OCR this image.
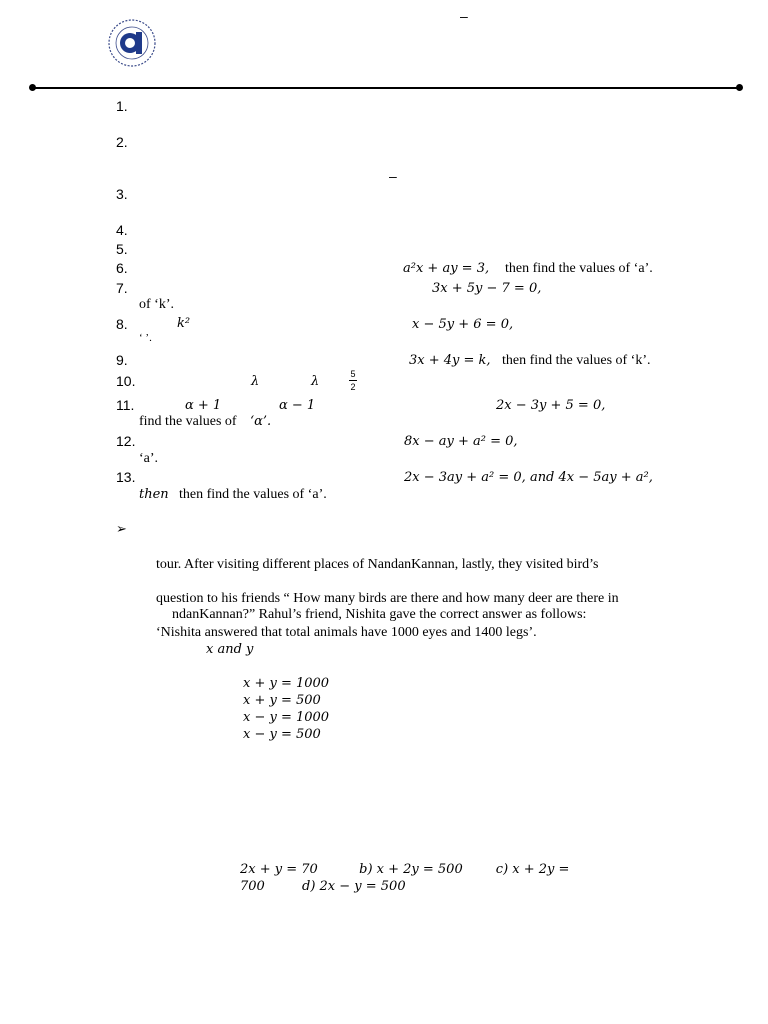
–
1.
2.
–
3.
4.
5.
6.	a²x + ay = 3, then find the values of ‘a’.
7.	3x + 5y − 7 = 0,
of ‘k’.
8.	k²	x − 5y + 6 = 0,
‘ ’.
9.	3x + 4y = k, then find the values of ‘k’.
10.	λ	λ	5
2
11.	α + 1	α − 1	2x − 3y + 5 = 0,
find the values of ‘α’.
12.	8x − ay + a² = 0,
‘a’.
13.	2x − 3ay + a² = 0, and 4x − 5ay + a²,
then then find the values of ‘a’.
➢
tour. After visiting different places of NandanKannan, lastly, they visited bird’s
question to his friends “ How many birds are there and how many deer are there in
ndanKannan?” Rahul’s friend, Nishita gave the correct answer as follows:
‘Nishita answered that total animals have 1000 eyes and 1400 legs’.
x and y
x + y = 1000
x + y = 500
x − y = 1000
x − y = 500
2x + y = 70          b) x + 2y = 500        c) x + 2y =
700         d) 2x − y = 500
